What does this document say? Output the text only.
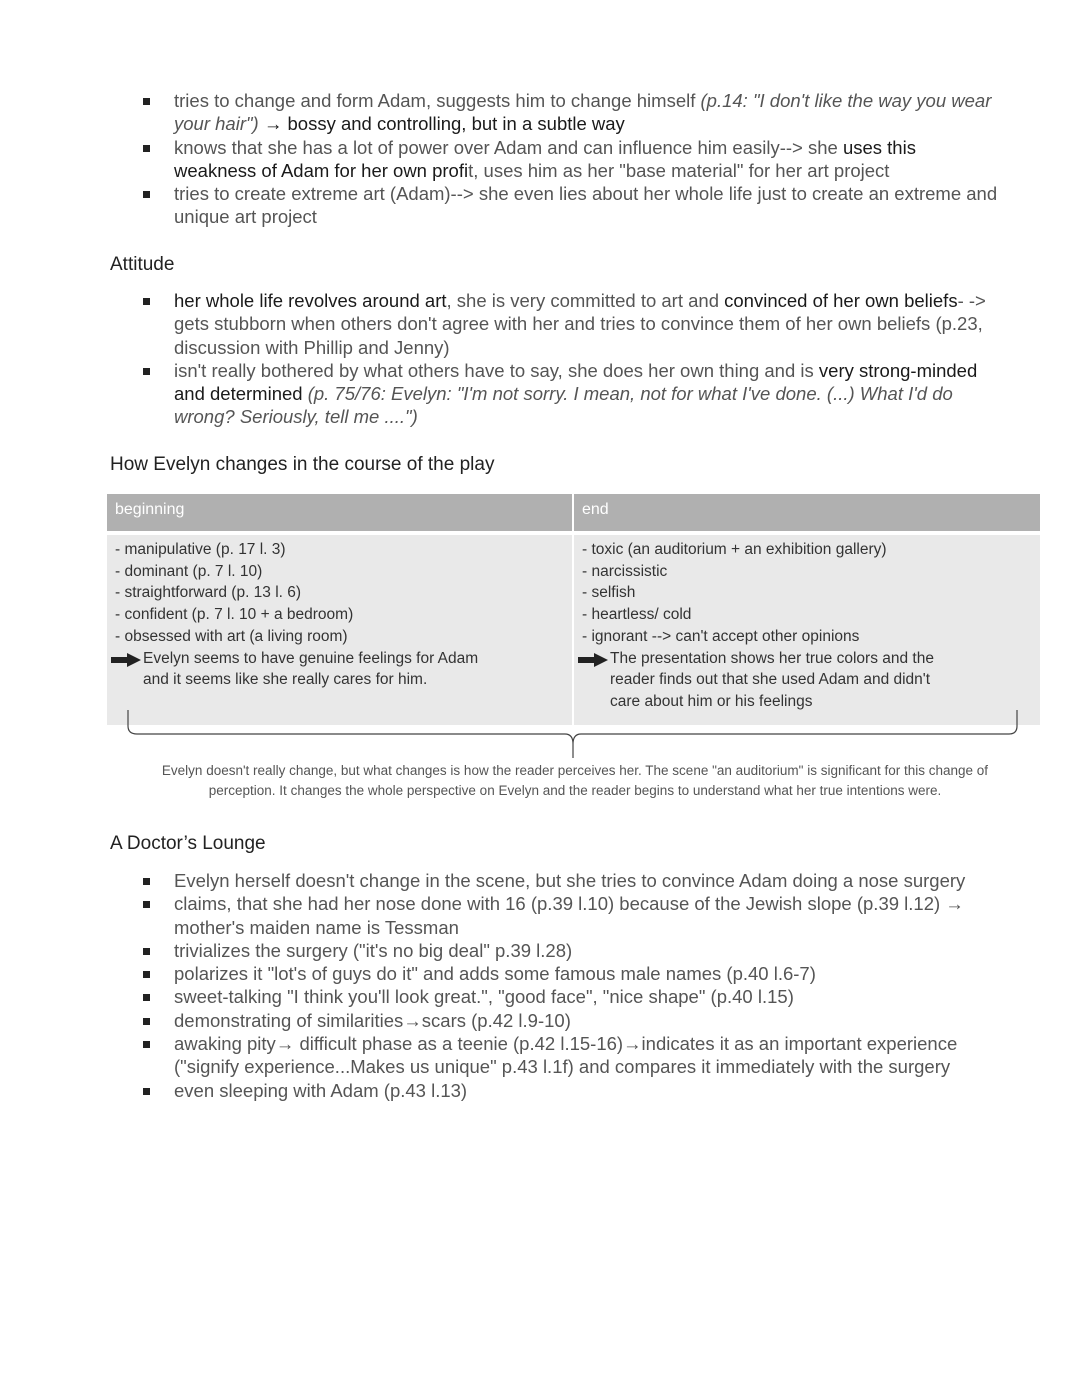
tries to change and form Adam, suggests him to change himself (p.14: "I don't like the way you wear your hair") → bossy and controlling, but in a subtle way
knows that she has a lot of power over Adam and can influence him easily--> she uses this weakness of Adam for her own profit, uses him as her "base material" for her art project
tries to create extreme art (Adam)--> she even lies about her whole life just to create an extreme and unique art project
Attitude
her whole life revolves around art, she is very committed to art and convinced of her own beliefs- -> gets stubborn when others don't agree with her and tries to convince them of her own beliefs (p.23, discussion with Phillip and Jenny)
isn't really bothered by what others have to say, she does her own thing and is very strong-minded and determined (p. 75/76: Evelyn: "I'm not sorry. I mean, not for what I've done. (...) What I'd do wrong? Seriously, tell me ....")
How Evelyn changes in the course of the play
beginning	end
- manipulative (p. 17 l. 3)
- dominant (p. 7 l. 10)
- straightforward (p. 13 l. 6)
- confident (p. 7 l. 10 + a bedroom)
- obsessed with art (a living room)
Evelyn seems to have genuine feelings for Adam
and it seems like she really cares for him.
- toxic (an auditorium + an exhibition gallery)
- narcissistic
- selfish
- heartless/ cold
- ignorant --> can't accept other opinions
The presentation shows her true colors and the
reader finds out that she used Adam and didn't
care about him or his feelings
Evelyn doesn't really change, but what changes is how the reader perceives her. The scene "an auditorium" is significant for this change of
perception. It changes the whole perspective on Evelyn and the reader begins to understand what her true intentions were.
A Doctor’s Lounge
Evelyn herself doesn't change in the scene, but she tries to convince Adam doing a nose surgery
claims, that she had her nose done with 16 (p.39 l.10) because of the Jewish slope (p.39 l.12) → mother's maiden name is Tessman
trivializes the surgery ("it's no big deal" p.39 l.28)
polarizes it "lot's of guys do it" and adds some famous male names (p.40 l.6-7)
sweet-talking "I think you'll look great.", "good face", "nice shape" (p.40 l.15)
demonstrating of similarities→scars (p.42 l.9-10)
awaking pity→ difficult phase as a teenie (p.42 l.15-16)→indicates it as an important experience ("signify experience...Makes us unique" p.43 l.1f) and compares it immediately with the surgery
even sleeping with Adam (p.43 l.13)
